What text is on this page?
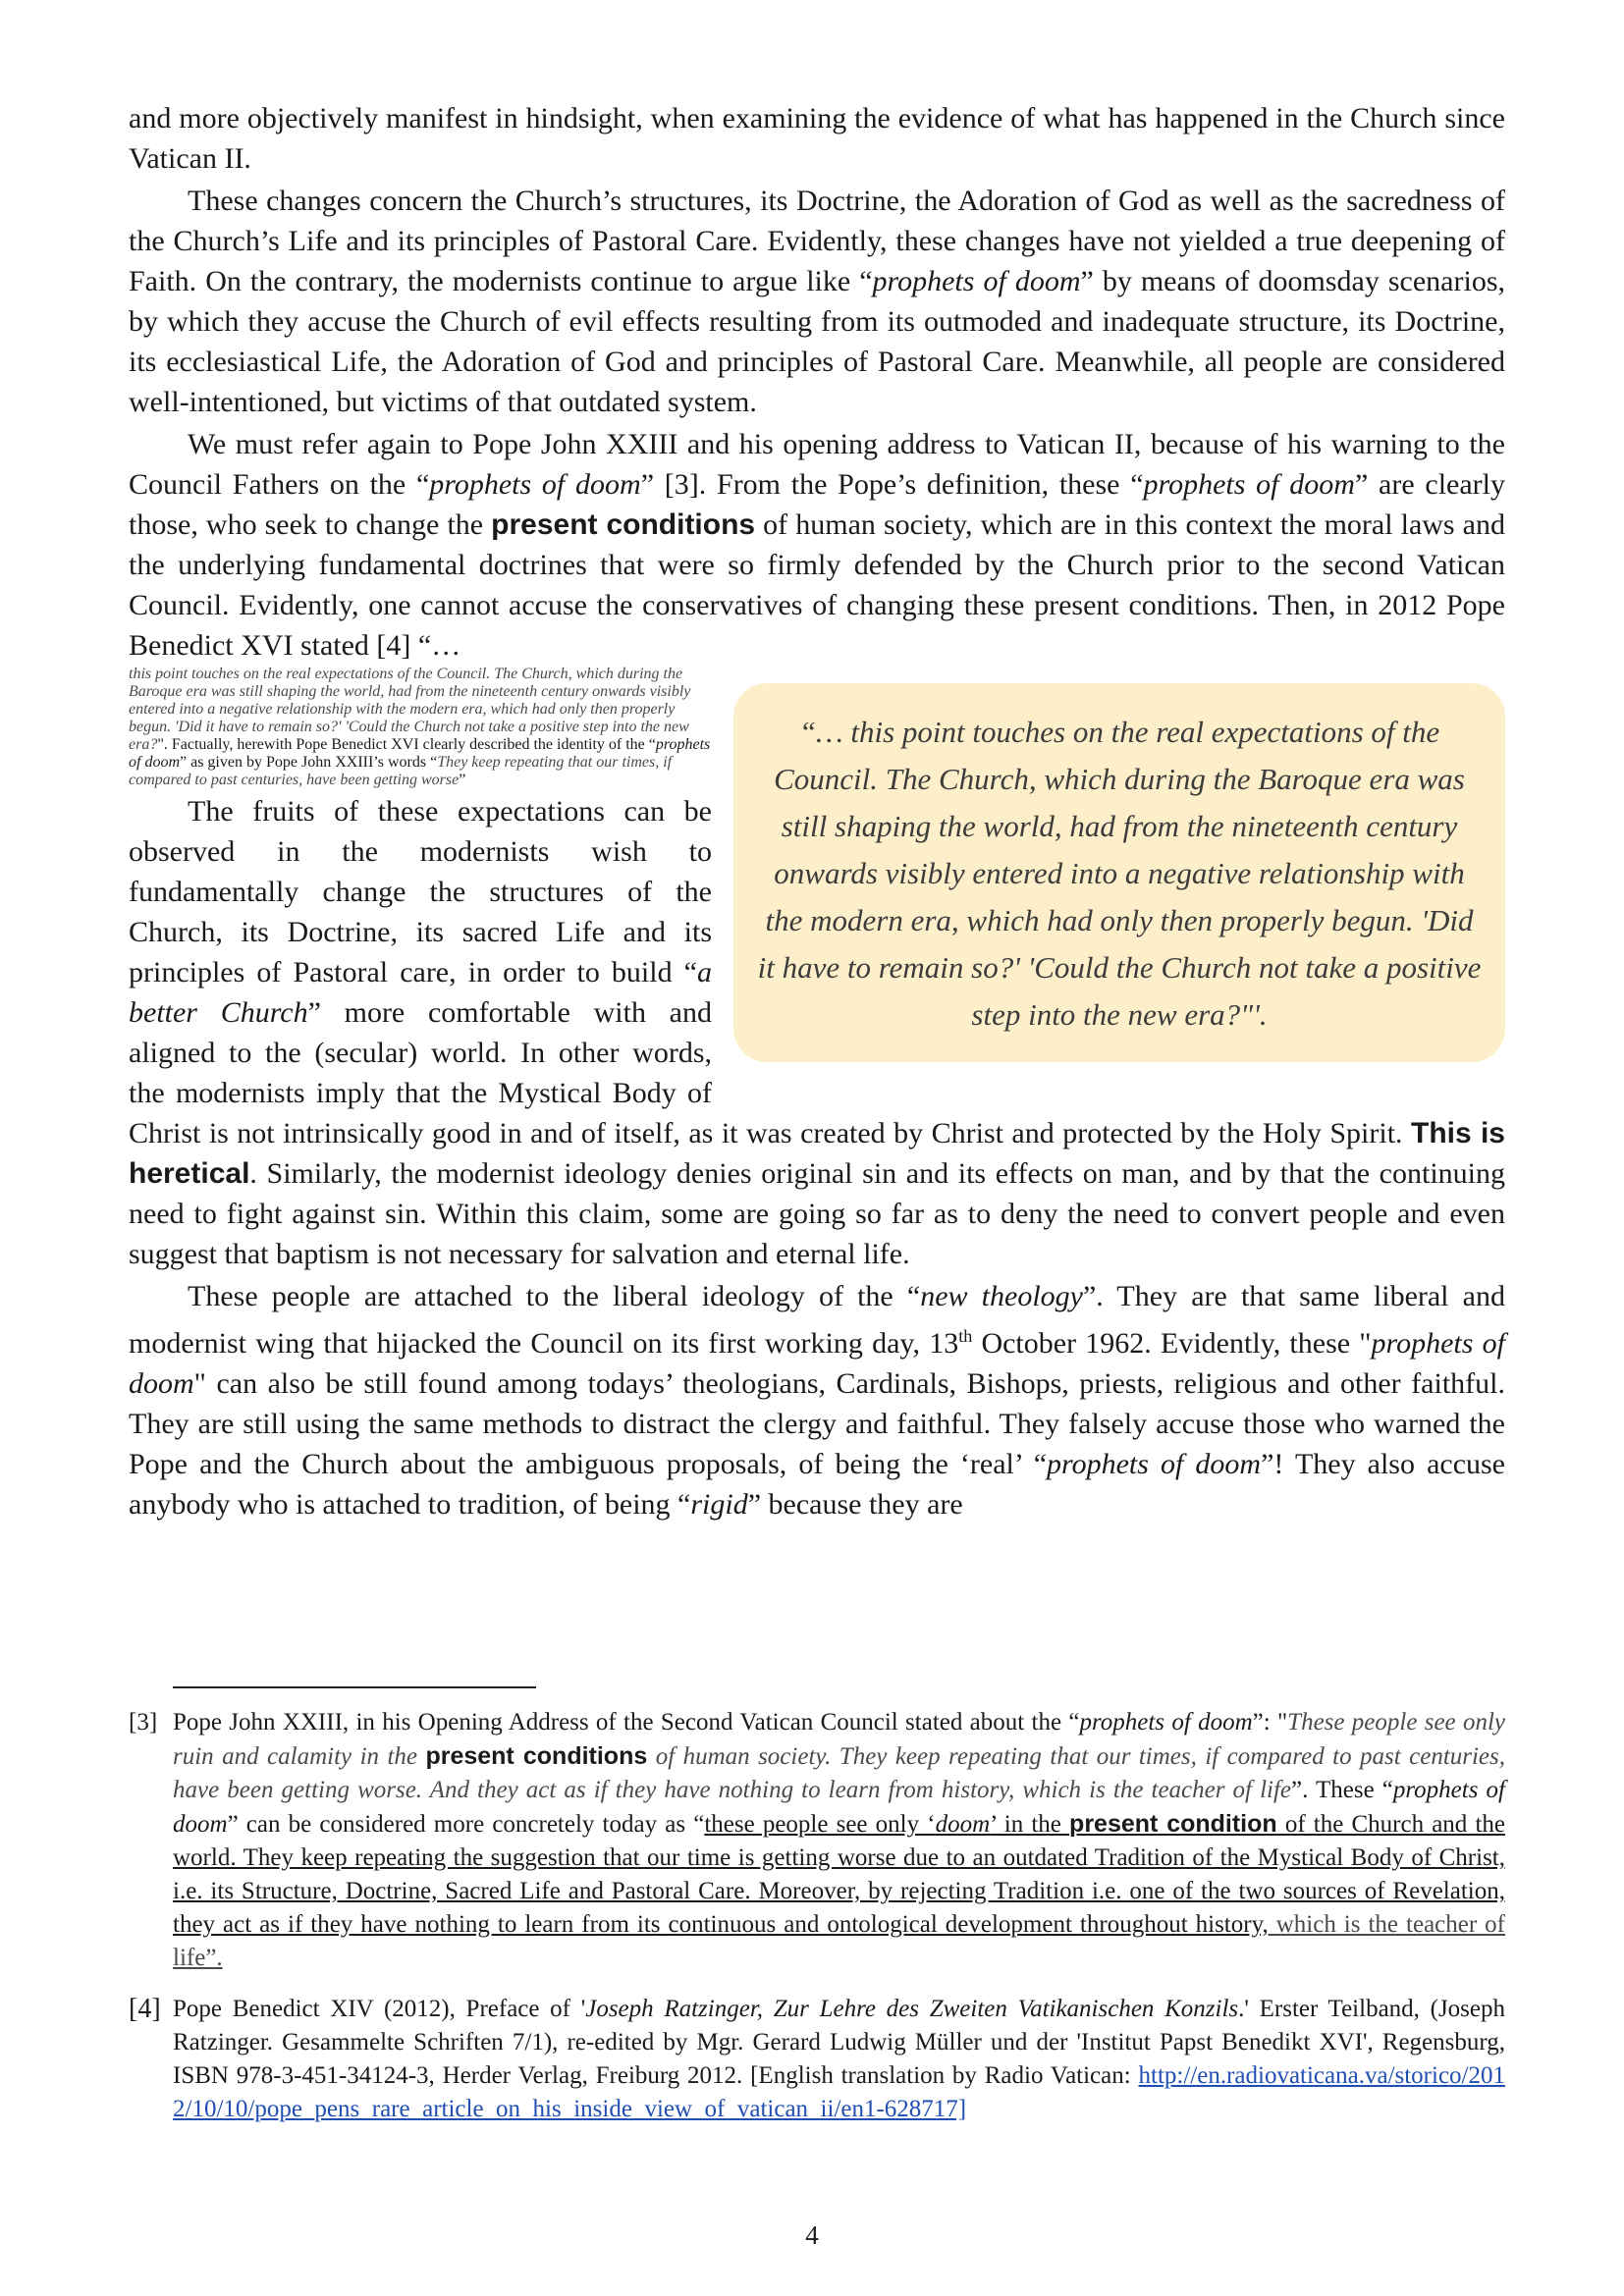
and more objectively manifest in hindsight, when examining the evidence of what has happened in the Church since Vatican II.

These changes concern the Church’s structures, its Doctrine, the Adoration of God as well as the sacredness of the Church’s Life and its principles of Pastoral Care. Evidently, these changes have not yielded a true deepening of Faith. On the contrary, the modernists continue to argue like “prophets of doom” by means of doomsday scenarios, by which they accuse the Church of evil effects resulting from its outmoded and inadequate structure, its Doctrine, its ecclesiastical Life, the Adoration of God and principles of Pastoral Care. Meanwhile, all people are considered well-intentioned, but victims of that outdated system.

We must refer again to Pope John XXIII and his opening address to Vatican II, because of his warning to the Council Fathers on the “prophets of doom” [3]. From the Pope’s definition, these “prophets of doom” are clearly those, who seek to change the present conditions of human society, which are in this context the moral laws and the underlying fundamental doctrines that were so firmly defended by the Church prior to the second Vatican Council. Evidently, one cannot accuse the conservatives of changing these present conditions. Then, in 2012 Pope Benedict XVI stated [4] “…

“… this point touches on the real expectations of the Council. The Church, which during the Baroque era was still shaping the world, had from the nineteenth century onwards visibly entered into a negative relationship with the modern era, which had only then properly begun. 'Did it have to remain so?' 'Could the Church not take a positive step into the new era?"'.
this point touches on the real expectations of the Council. The Church, which during the Baroque era was still shaping the world, had from the nineteenth century onwards visibly entered into a negative relationship with the modern era, which had only then properly begun. 'Did it have to remain so?' 'Could the Church not take a positive step into the new era?". Factually, herewith Pope Benedict XVI clearly described the identity of the “prophets of doom” as given by Pope John XXIII’s words “They keep repeating that our times, if compared to past centuries, have been getting worse”

The fruits of these expectations can be observed in the modernists wish to fundamentally change the structures of the Church, its Doctrine, its sacred Life and its principles of Pastoral care, in order to build “a better Church” more comfortable with and aligned to the (secular) world. In other words, the modernists imply that the Mystical Body of Christ is not intrinsically good in and of itself, as it was created by Christ and protected by the Holy Spirit. This is heretical. Similarly, the modernist ideology denies original sin and its effects on man, and by that the continuing need to fight against sin. Within this claim, some are going so far as to deny the need to convert people and even suggest that baptism is not necessary for salvation and eternal life.

These people are attached to the liberal ideology of the “new theology”. They are that same liberal and modernist wing that hijacked the Council on its first working day, 13th October 1962. Evidently, these "prophets of doom" can also be still found among todays’ theologians, Cardinals, Bishops, priests, religious and other faithful. They are still using the same methods to distract the clergy and faithful. They falsely accuse those who warned the Pope and the Church about the ambiguous proposals, of being the ‘real’ “prophets of doom”! They also accuse anybody who is attached to tradition, of being “rigid” because they are

[3] Pope John XXIII, in his Opening Address of the Second Vatican Council stated about the “prophets of doom”: "These people see only ruin and calamity in the present conditions of human society. They keep repeating that our times, if compared to past centuries, have been getting worse. And they act as if they have nothing to learn from history, which is the teacher of life”. These “prophets of doom” can be considered more concretely today as “these people see only ‘doom’ in the present condition of the Church and the world. They keep repeating the suggestion that our time is getting worse due to an outdated Tradition of the Mystical Body of Christ, i.e. its Structure, Doctrine, Sacred Life and Pastoral Care. Moreover, by rejecting Tradition i.e. one of the two sources of Revelation, they act as if they have nothing to learn from its continuous and ontological development throughout history, which is the teacher of life”.
[4] Pope Benedict XIV (2012), Preface of 'Joseph Ratzinger, Zur Lehre des Zweiten Vatikanischen Konzils.' Erster Teilband, (Joseph Ratzinger. Gesammelte Schriften 7/1), re-edited by Mgr. Gerard Ludwig Müller und der 'Institut Papst Benedikt XVI', Regensburg, ISBN 978-3-451-34124-3, Herder Verlag, Freiburg 2012. [English translation by Radio Vatican: http://en.radiovaticana.va/storico/2012/10/10/pope_pens_rare_article_on_his_inside_view_of_vatican_ii/en1-628717]
4
